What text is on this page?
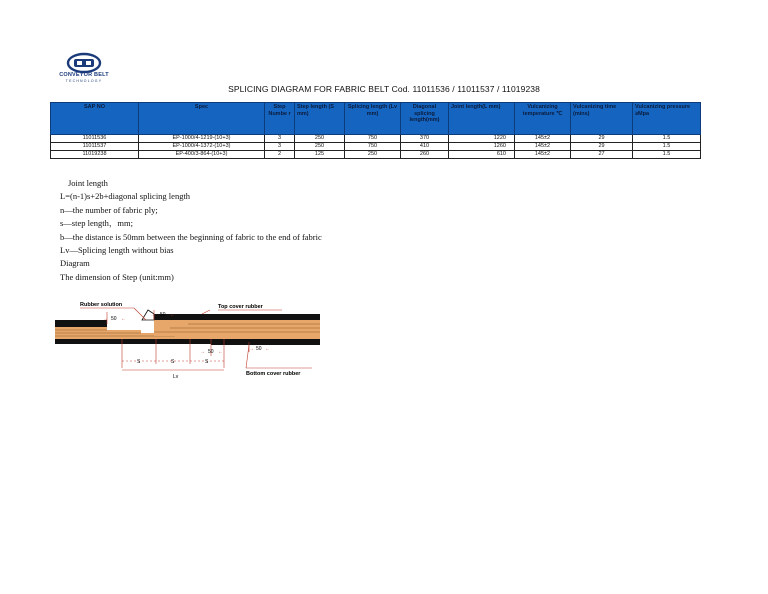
CONVEYOR BELT
TECHNOLOGY
SPLICING DIAGRAM FOR FABRIC BELT Cod. 11011536 / 11011537 / 11019238
SAP NO	Spec	Step Numbe r	Step length (S mm)	Splicing length (Lv mm)	Diagonal splicing length(mm)	Joint length(L mm)	Vulcanizing temperature ℃	Vulcanizing time (mins)	Vulcanizing pressure ≥Mpa
11011536	EP-1000/4-1219-(10+3)	3	250	750	370	1220	145±2	29	1.5
11011537	EP-1000/4-1372-(10+3)	3	250	750	410	1260	145±2	29	1.5
11019238	EP-400/3-864-(10+3)	2	125	250	260	610	145±2	27	1.5
Joint length
L=(n-1)s+2b+diagonal splicing length
n—the number of fabric ply;
s—step length，mm;
b—the distance is 50mm between the beginning of fabric to the end of fabric
Lv—Splicing length without bias
Diagram
The dimension of Step (unit:mm)
Rubber solution	Top cover rubber
50
→	←
50
→	←
50
→	←	50
→ ←
S	S	S
Lv	Bottom cover rubber
